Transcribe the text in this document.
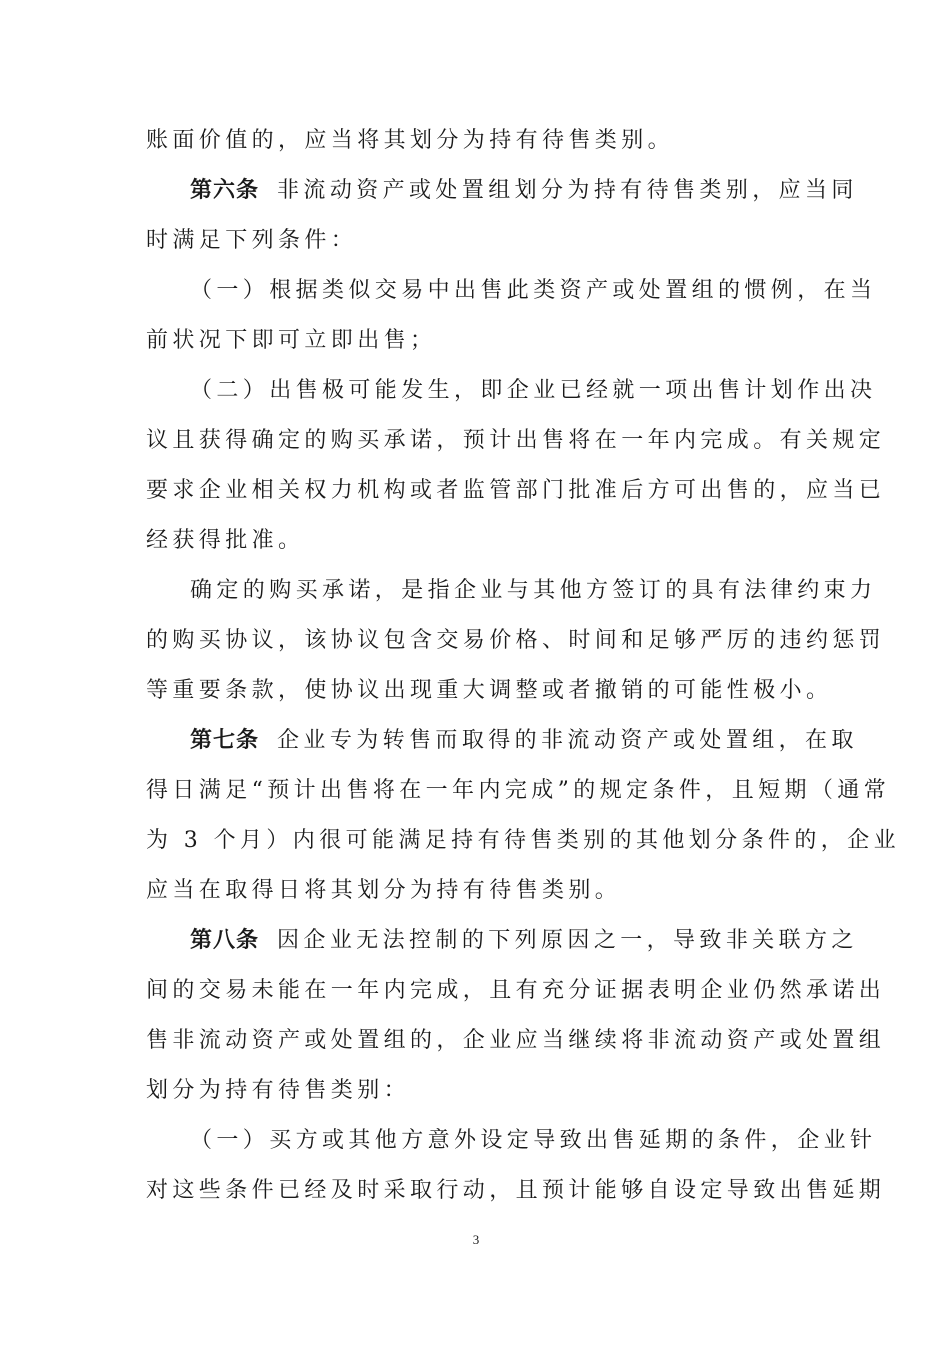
账面价值的，应当将其划分为持有待售类别。
第六条 非流动资产或处置组划分为持有待售类别，应当同
时满足下列条件：
（一）根据类似交易中出售此类资产或处置组的惯例，在当
前状况下即可立即出售；
（二）出售极可能发生，即企业已经就一项出售计划作出决
议且获得确定的购买承诺，预计出售将在一年内完成。有关规定
要求企业相关权力机构或者监管部门批准后方可出售的，应当已
经获得批准。
确定的购买承诺，是指企业与其他方签订的具有法律约束力
的购买协议，该协议包含交易价格、时间和足够严厉的违约惩罚
等重要条款，使协议出现重大调整或者撤销的可能性极小。
第七条 企业专为转售而取得的非流动资产或处置组，在取
得日满足“预计出售将在一年内完成”的规定条件，且短期（通常
为 3 个月）内很可能满足持有待售类别的其他划分条件的，企业
应当在取得日将其划分为持有待售类别。
第八条 因企业无法控制的下列原因之一，导致非关联方之
间的交易未能在一年内完成，且有充分证据表明企业仍然承诺出
售非流动资产或处置组的，企业应当继续将非流动资产或处置组
划分为持有待售类别：
（一）买方或其他方意外设定导致出售延期的条件，企业针
对这些条件已经及时采取行动，且预计能够自设定导致出售延期
3
